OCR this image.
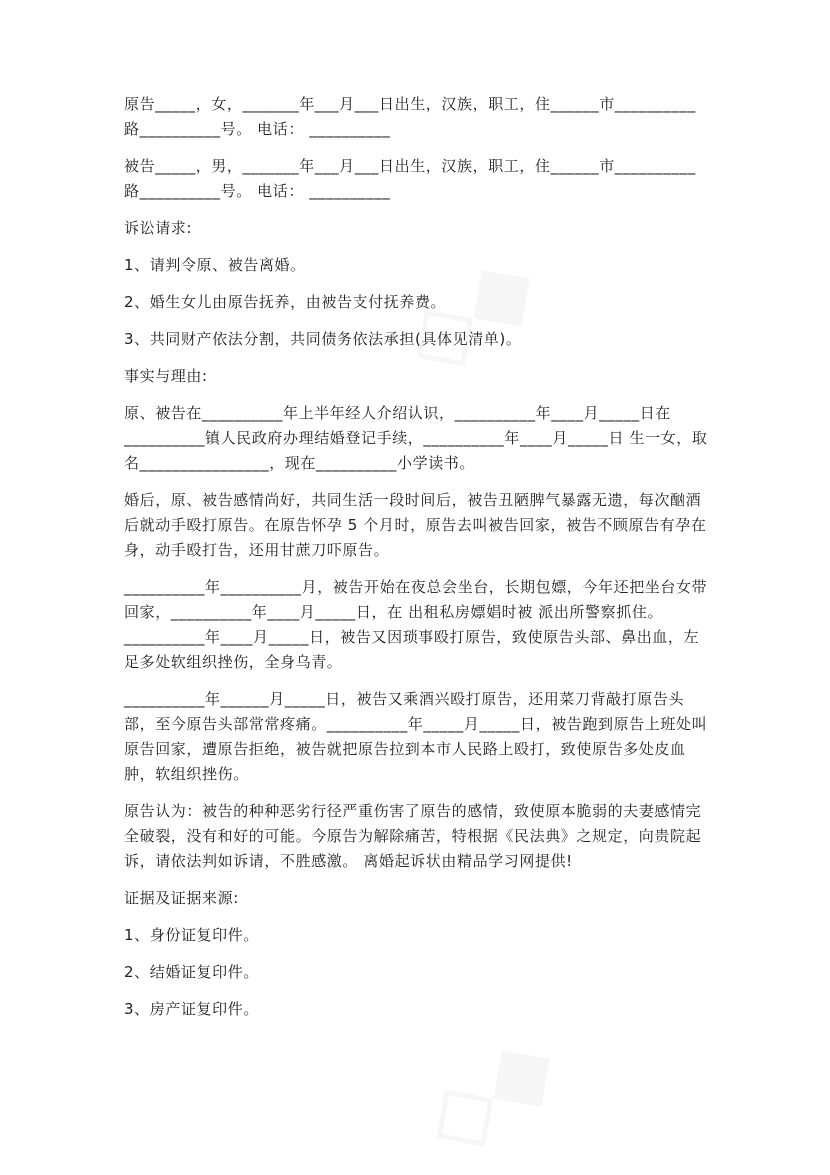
原告_____，女，_______年___月___日出生，汉族，职工，住______市__________路__________号。 电话： __________

被告_____，男，_______年___月___日出生，汉族，职工，住______市__________路__________号。 电话： __________

诉讼请求:

1、请判令原、被告离婚。

2、婚生女儿由原告抚养，由被告支付抚养费。

3、共同财产依法分割，共同债务依法承担(具体见清单)。

事实与理由:

原、被告在__________年上半年经人介绍认识，__________年____月_____日在__________镇人民政府办理结婚登记手续，__________年____月_____日 生一女，取名________________，现在__________小学读书。

婚后，原、被告感情尚好，共同生活一段时间后，被告丑陋脾气暴露无遗，每次酗酒后就动手殴打原告。在原告怀孕 5 个月时，原告去叫被告回家，被告不顾原告有孕在身，动手殴打告，还用甘蔗刀吓原告。

__________年__________月，被告开始在夜总会坐台，长期包嫖，今年还把坐台女带回家，__________年____月_____日，在 出租私房嫖娼时被 派出所警察抓住。__________年____月_____日，被告又因琐事殴打原告，致使原告头部、鼻出血，左足多处软组织挫伤，全身乌青。

__________年______月_____日，被告又乘酒兴殴打原告，还用菜刀背敲打原告头部，至今原告头部常常疼痛。__________年_____月_____日，被告跑到原告上班处叫原告回家，遭原告拒绝，被告就把原告拉到本市人民路上殴打，致使原告多处皮血肿，软组织挫伤。

原告认为：被告的种种恶劣行径严重伤害了原告的感情，致使原本脆弱的夫妻感情完全破裂，没有和好的可能。今原告为解除痛苦，特根据《民法典》之规定，向贵院起诉，请依法判如诉请，不胜感激。 离婚起诉状由精品学习网提供!

证据及证据来源:

1、身份证复印件。

2、结婚证复印件。

3、房产证复印件。
